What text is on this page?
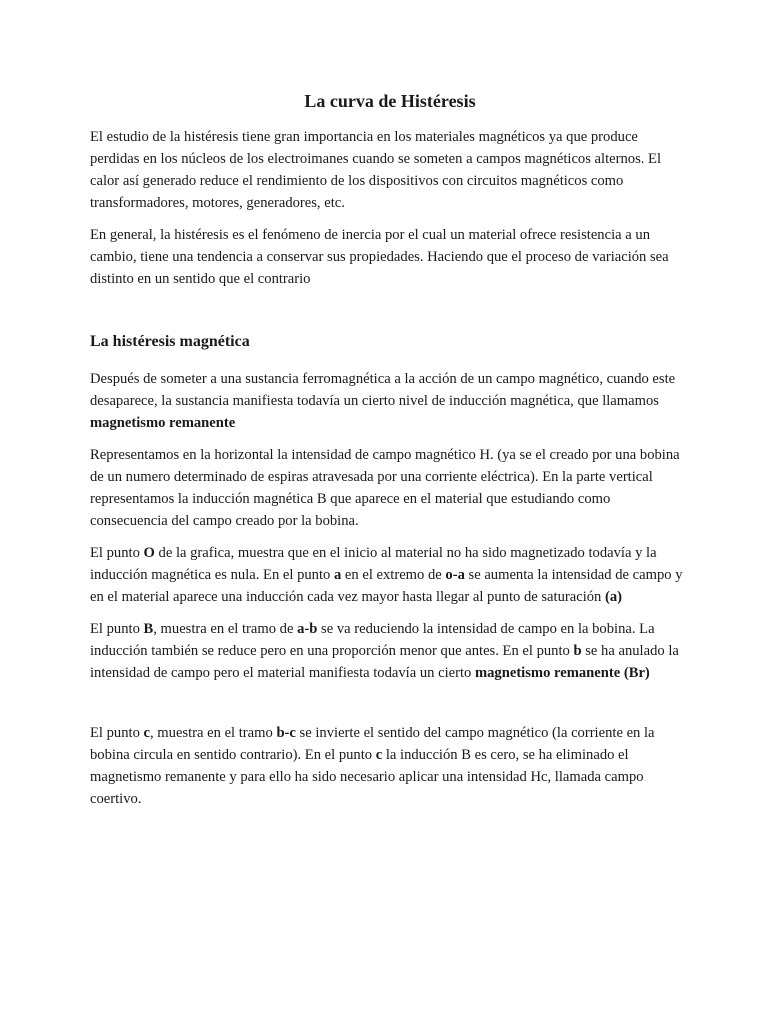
La curva de Histéresis

El estudio de la histéresis tiene gran importancia en los materiales magnéticos ya que produce perdidas en los núcleos de los electroimanes cuando se someten a campos magnéticos alternos. El calor así generado reduce el rendimiento de los dispositivos con circuitos magnéticos como transformadores, motores, generadores, etc.

En general, la histéresis es el fenómeno de inercia por el cual un material ofrece resistencia a un cambio, tiene una tendencia a conservar sus propiedades. Haciendo que el proceso de variación sea distinto en un sentido que el contrario

La histéresis magnética

Después de someter a una sustancia ferromagnética a la acción de un campo magnético, cuando este desaparece, la sustancia manifiesta todavía un cierto nivel de inducción magnética, que llamamos magnetismo remanente

Representamos en la horizontal la intensidad de campo magnético H. (ya se el creado por una bobina de un numero determinado de espiras atravesada por una corriente eléctrica). En la parte vertical representamos la inducción magnética B que aparece en el material que estudiando como consecuencia del campo creado por la bobina.

El punto O de la grafica, muestra que en el inicio al material no ha sido magnetizado todavía y la inducción magnética es nula. En el punto a en el extremo de o-a se aumenta la intensidad de campo y en el material aparece una inducción cada vez mayor hasta llegar al punto de saturación (a)

El punto B, muestra en el tramo de a-b se va reduciendo la intensidad de campo en la bobina. La inducción también se reduce pero en una proporción menor que antes. En el punto b se ha anulado la intensidad de campo pero el material manifiesta todavía un cierto magnetismo remanente (Br)

El punto c, muestra en el tramo b-c se invierte el sentido del campo magnético (la corriente en la bobina circula en sentido contrario). En el punto c la inducción B es cero, se ha eliminado el magnetismo remanente y para ello ha sido necesario aplicar una intensidad Hc, llamada campo coertivo.
